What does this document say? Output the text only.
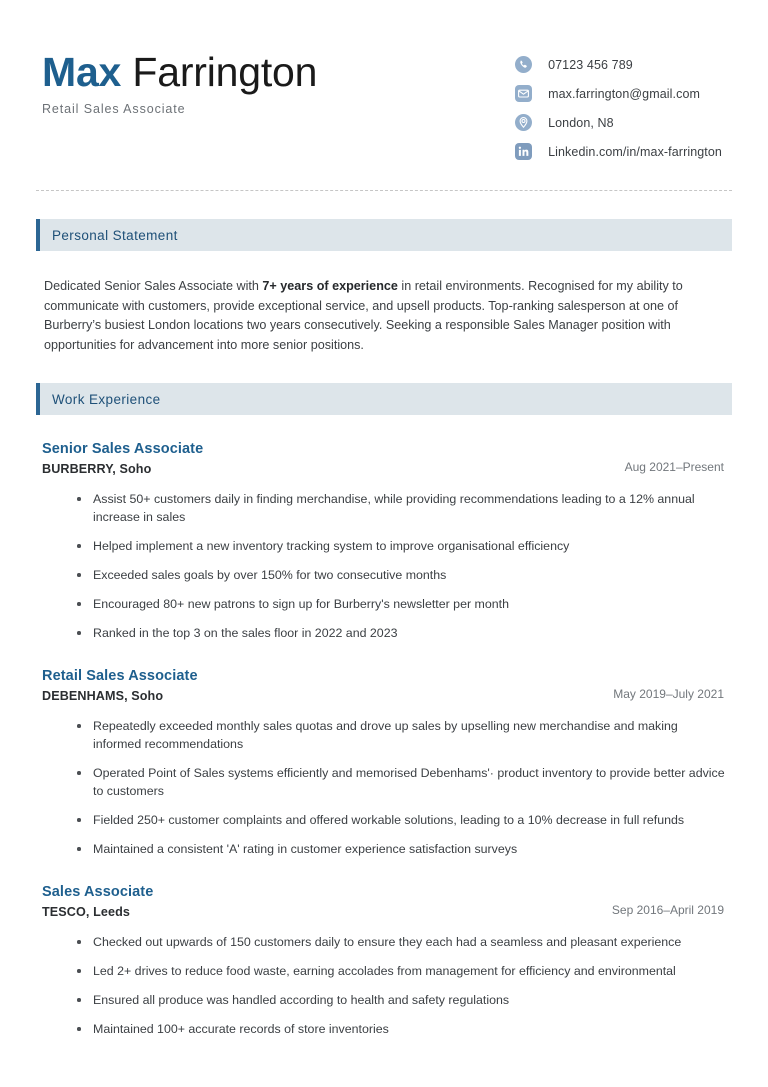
Max Farrington
Retail Sales Associate
07123 456 789
max.farrington@gmail.com
London, N8
Linkedin.com/in/max-farrington
Personal Statement
Dedicated Senior Sales Associate with 7+ years of experience in retail environments. Recognised for my ability to communicate with customers, provide exceptional service, and upsell products. Top-ranking salesperson at one of Burberry’s busiest London locations two years consecutively. Seeking a responsible Sales Manager position with opportunities for advancement into more senior positions.
Work Experience
Senior Sales Associate
BURBERRY, Soho	Aug 2021–Present
Assist 50+ customers daily in finding merchandise, while providing recommendations leading to a 12% annual increase in sales
Helped implement a new inventory tracking system to improve organisational efficiency
Exceeded sales goals by over 150% for two consecutive months
Encouraged 80+ new patrons to sign up for Burberry's newsletter per month
Ranked in the top 3 on the sales floor in 2022 and 2023
Retail Sales Associate
DEBENHAMS, Soho	May 2019–July 2021
Repeatedly exceeded monthly sales quotas and drove up sales by upselling new merchandise and making informed recommendations
Operated Point of Sales systems efficiently and memorised Debenhams'· product inventory to provide better advice to customers
Fielded 250+ customer complaints and offered workable solutions, leading to a 10% decrease in full refunds
Maintained a consistent 'A' rating in customer experience satisfaction surveys
Sales Associate
TESCO, Leeds	Sep 2016–April 2019
Checked out upwards of 150 customers daily to ensure they each had a seamless and pleasant experience
Led 2+ drives to reduce food waste, earning accolades from management for efficiency and environmental
Ensured all produce was handled according to health and safety regulations
Maintained 100+ accurate records of store inventories
